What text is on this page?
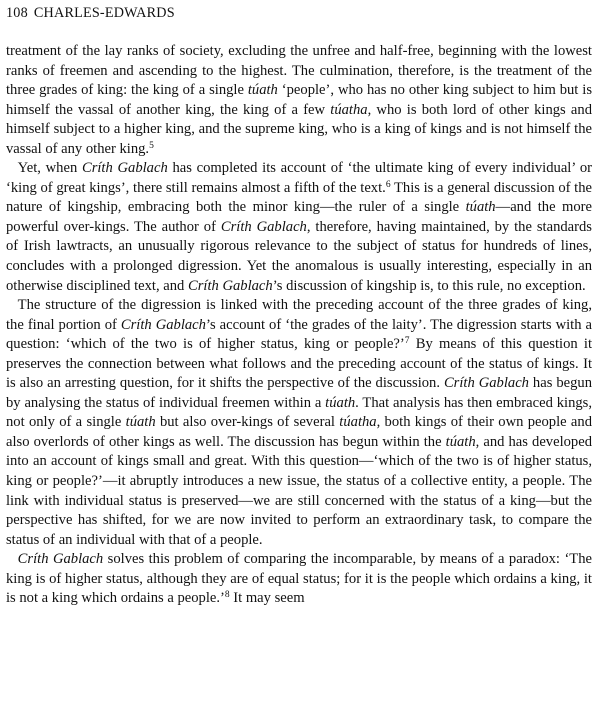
108 CHARLES-EDWARDS

treatment of the lay ranks of society, excluding the unfree and half-free, beginning with the lowest ranks of freemen and ascending to the highest. The culmination, therefore, is the treatment of the three grades of king: the king of a single túath ‘people’, who has no other king subject to him but is himself the vassal of another king, the king of a few túatha, who is both lord of other kings and himself subject to a higher king, and the supreme king, who is a king of kings and is not himself the vassal of any other king.$^5$

Yet, when Críth Gablach has completed its account of ‘the ultimate king of every individual’ or ‘king of great kings’, there still remains almost a fifth of the text.$^6$ This is a general discussion of the nature of kingship, embracing both the minor king—the ruler of a single túath—and the more powerful over-kings. The author of Críth Gablach, therefore, having maintained, by the standards of Irish lawtracts, an unusually rigorous relevance to the subject of status for hundreds of lines, concludes with a prolonged digression. Yet the anomalous is usually interesting, especially in an otherwise disciplined text, and Críth Gablach’s discussion of kingship is, to this rule, no exception.

The structure of the digression is linked with the preceding account of the three grades of king, the final portion of Críth Gablach’s account of ‘the grades of the laity’. The digression starts with a question: ‘which of the two is of higher status, king or people?’$^7$ By means of this question it preserves the connection between what follows and the preceding account of the status of kings. It is also an arresting question, for it shifts the perspective of the discussion. Críth Gablach has begun by analysing the status of individual freemen within a túath. That analysis has then embraced kings, not only of a single túath but also over-kings of several túatha, both kings of their own people and also overlords of other kings as well. The discussion has begun within the túath, and has developed into an account of kings small and great. With this question—‘which of the two is of higher status, king or people?’—it abruptly introduces a new issue, the status of a collective entity, a people. The link with individual status is preserved—we are still concerned with the status of a king—but the perspective has shifted, for we are now invited to perform an extraordinary task, to compare the status of an individual with that of a people.

Críth Gablach solves this problem of comparing the incomparable, by means of a paradox: ‘The king is of higher status, although they are of equal status; for it is the people which ordains a king, it is not a king which ordains a people.’$^8$ It may seem
